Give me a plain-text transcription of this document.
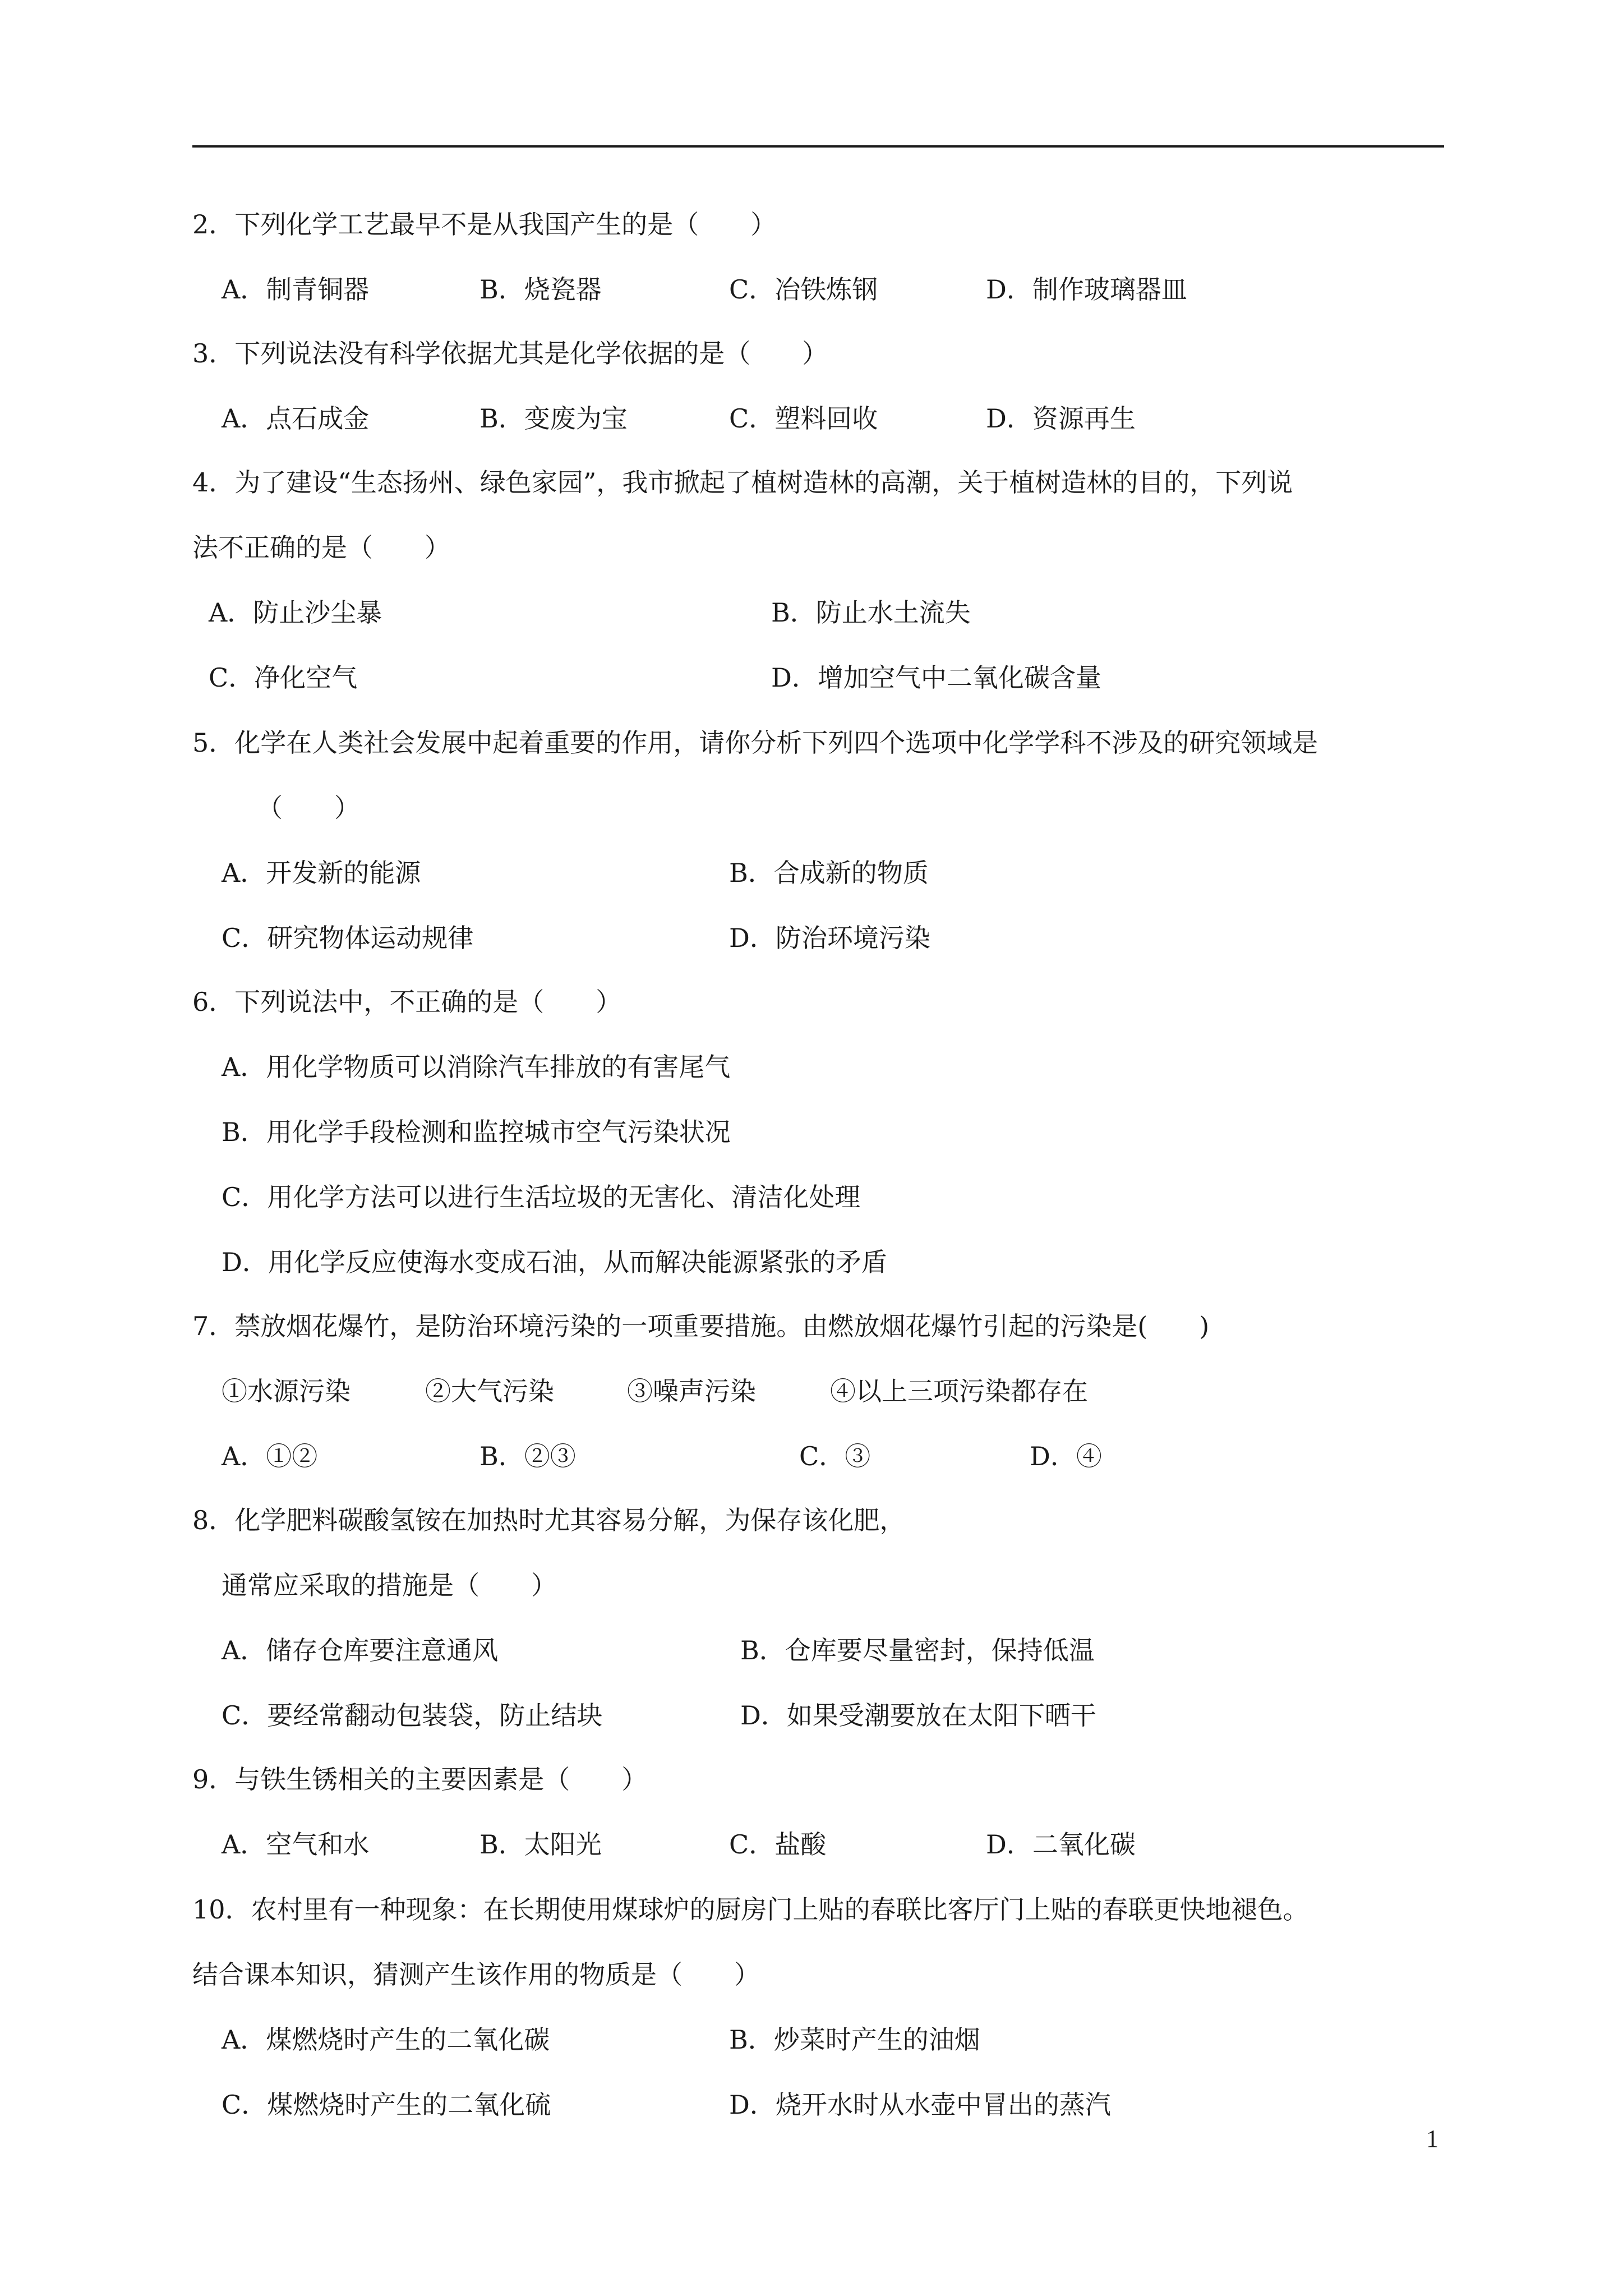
2．下列化学工艺最早不是从我国产生的是（　　）
A．制青铜器	B．烧瓷器	C．冶铁炼钢	D．制作玻璃器皿
3．下列说法没有科学依据尤其是化学依据的是（　　）
A．点石成金	B．变废为宝	C．塑料回收	D．资源再生
4．为了建设“生态扬州、绿色家园”，我市掀起了植树造林的高潮，关于植树造林的目的，下列说
法不正确的是（　　）
A．防止沙尘暴	B．防止水土流失
C．净化空气	D．增加空气中二氧化碳含量
5．化学在人类社会发展中起着重要的作用，请你分析下列四个选项中化学学科不涉及的研究领域是
（　　）
A．开发新的能源	B．合成新的物质
C．研究物体运动规律	D．防治环境污染
6．下列说法中，不正确的是（　　）
A．用化学物质可以消除汽车排放的有害尾气
B．用化学手段检测和监控城市空气污染状况
C．用化学方法可以进行生活垃圾的无害化、清洁化处理
D．用化学反应使海水变成石油，从而解决能源紧张的矛盾
7．禁放烟花爆竹，是防治环境污染的一项重要措施。由燃放烟花爆竹引起的污染是(　　)
①水源污染	②大气污染	③噪声污染	④以上三项污染都存在
A．①②	B．②③	C．③	D．④
8．化学肥料碳酸氢铵在加热时尤其容易分解，为保存该化肥，
通常应采取的措施是（　　）
A．储存仓库要注意通风	B．仓库要尽量密封，保持低温
C．要经常翻动包装袋，防止结块	D．如果受潮要放在太阳下晒干
9．与铁生锈相关的主要因素是（　　）
A．空气和水	B．太阳光	C．盐酸	D．二氧化碳
10．农村里有一种现象：在长期使用煤球炉的厨房门上贴的春联比客厅门上贴的春联更快地褪色。
结合课本知识，猜测产生该作用的物质是（　　）
A．煤燃烧时产生的二氧化碳	B．炒菜时产生的油烟
C．煤燃烧时产生的二氧化硫	D．烧开水时从水壶中冒出的蒸汽
1
